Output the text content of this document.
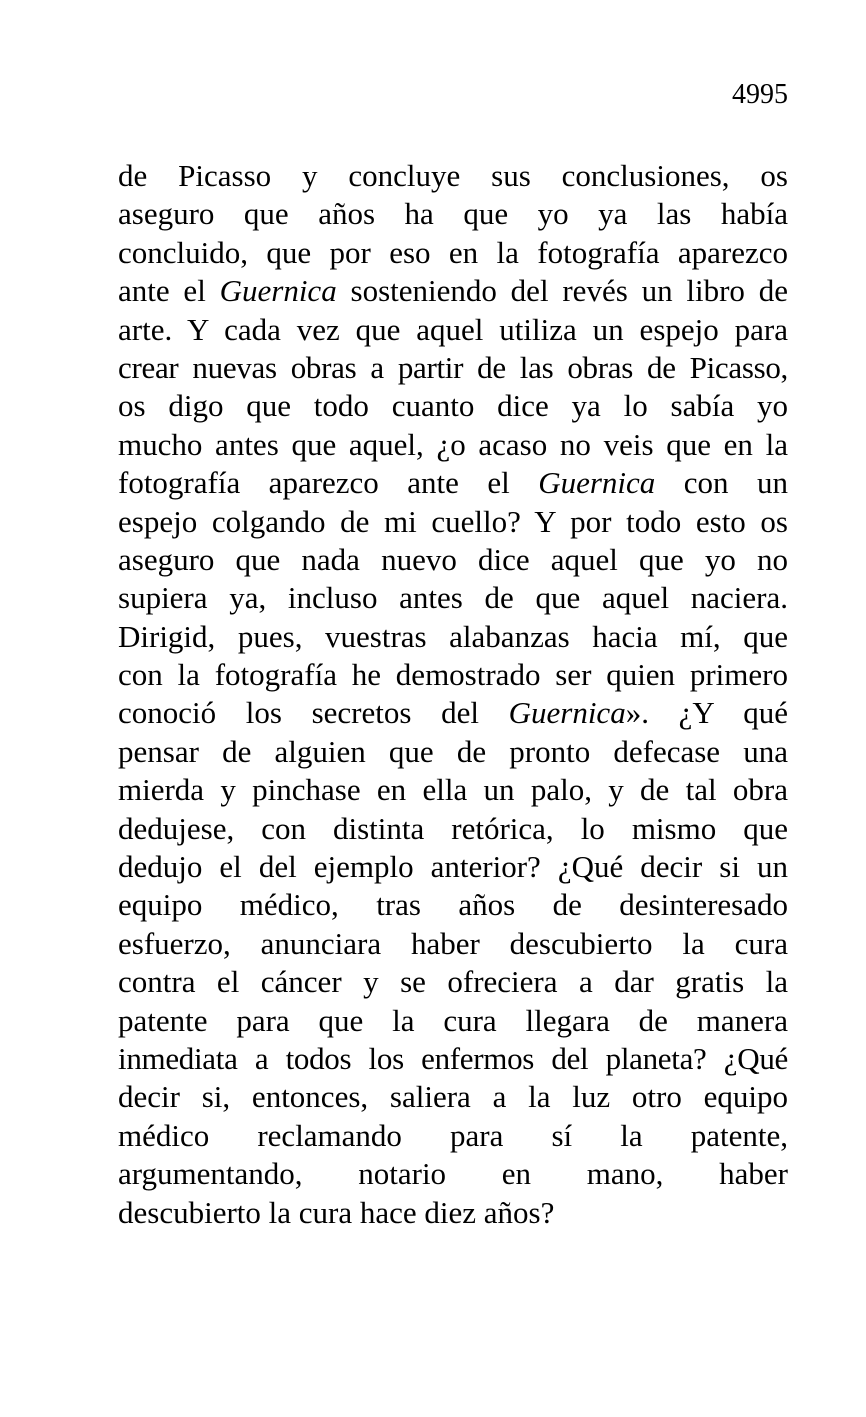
4995
de Picasso y concluye sus conclusiones, os
aseguro que años ha que yo ya las había
concluido, que por eso en la fotografía aparezco
ante el Guernica sosteniendo del revés un libro de
arte. Y cada vez que aquel utiliza un espejo para
crear nuevas obras a partir de las obras de Picasso,
os digo que todo cuanto dice ya lo sabía yo
mucho antes que aquel, ¿o acaso no veis que en la
fotografía aparezco ante el Guernica con un
espejo colgando de mi cuello? Y por todo esto os
aseguro que nada nuevo dice aquel que yo no
supiera ya, incluso antes de que aquel naciera.
Dirigid, pues, vuestras alabanzas hacia mí, que
con la fotografía he demostrado ser quien primero
conoció los secretos del Guernica». ¿Y qué
pensar de alguien que de pronto defecase una
mierda y pinchase en ella un palo, y de tal obra
dedujese, con distinta retórica, lo mismo que
dedujo el del ejemplo anterior? ¿Qué decir si un
equipo médico, tras años de desinteresado
esfuerzo, anunciara haber descubierto la cura
contra el cáncer y se ofreciera a dar gratis la
patente para que la cura llegara de manera
inmediata a todos los enfermos del planeta? ¿Qué
decir si, entonces, saliera a la luz otro equipo
médico reclamando para sí la patente,
argumentando, notario en mano, haber
descubierto la cura hace diez años?
